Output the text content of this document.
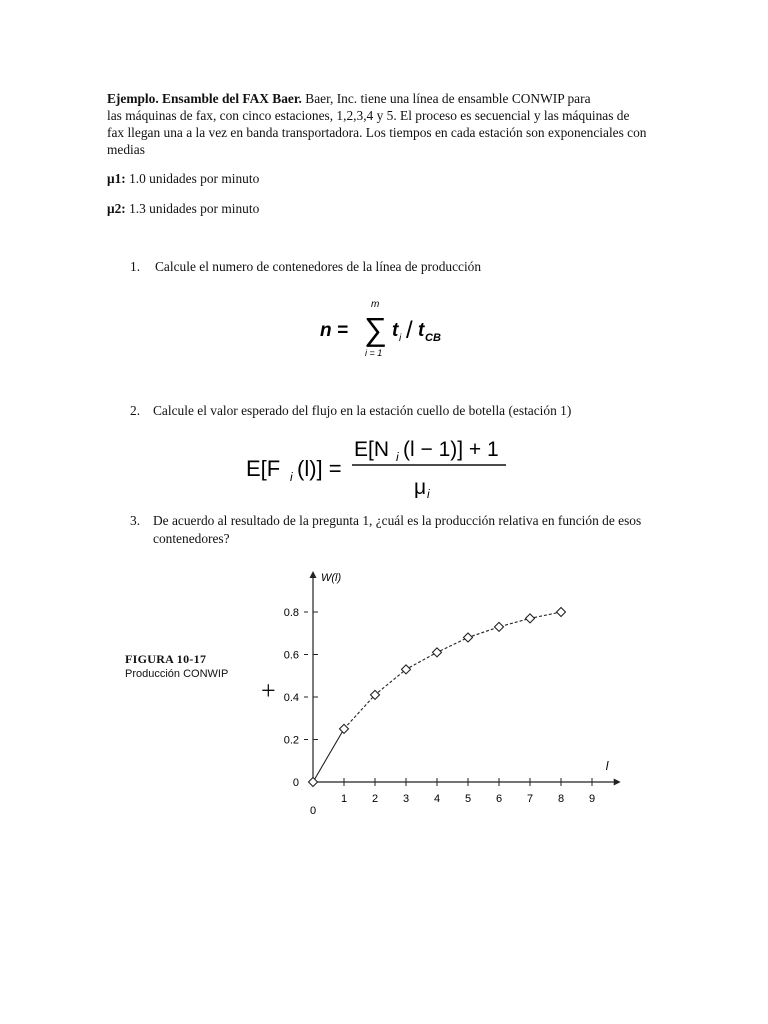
Ejemplo. Ensamble del FAX Baer. Baer, Inc. tiene una línea de ensamble CONWIP para
las máquinas de fax, con cinco estaciones, 1,2,3,4 y 5. El proceso es secuencial y las máquinas de
fax llegan una a la vez en banda transportadora. Los tiempos en cada estación son exponenciales con
medias
μ1: 1.0 unidades por minuto
μ2: 1.3 unidades por minuto
1.	Calcule el numero de contenedores de la línea de producción
n =
m
∑
i = 1
t i / t CB
2. Calcule el valor esperado del flujo en la estación cuello de botella (estación 1)
E[F i (l)] =
E[N i (l − 1)] + 1
μ i
3. De acuerdo al resultado de la pregunta 1, ¿cuál es la producción relativa en función de esos contenedores?
FIGURA 10-17
Producción CONWIP
+
W(l)
l
1 2 3 4 5 6 7 8 9
0
0
0.2
0.4
0.6
0.8
